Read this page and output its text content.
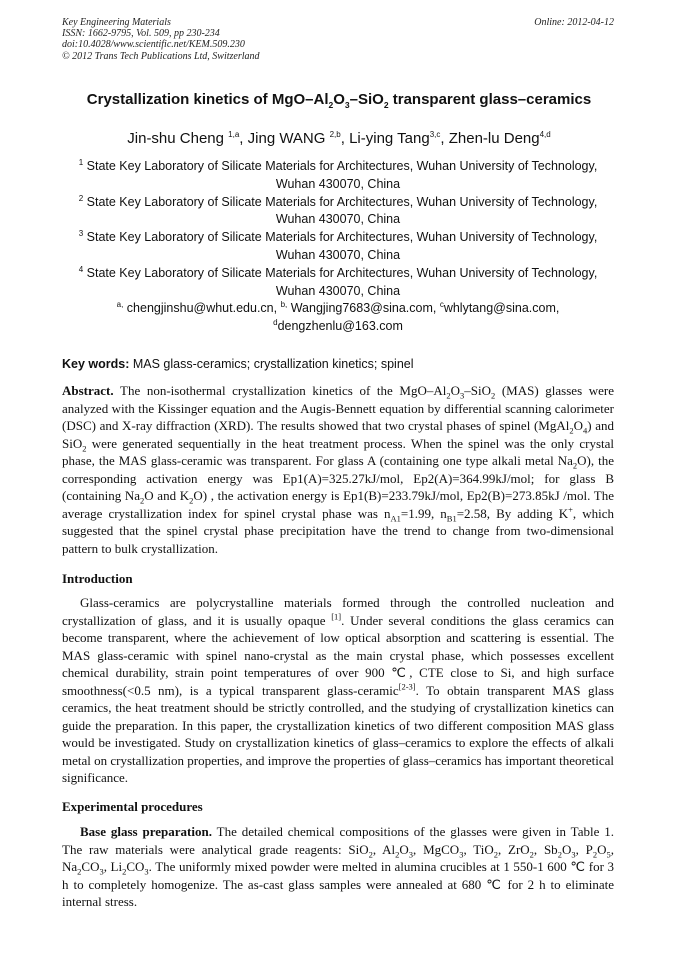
Key Engineering Materials
ISSN: 1662-9795, Vol. 509, pp 230-234
doi:10.4028/www.scientific.net/KEM.509.230
© 2012 Trans Tech Publications Ltd, Switzerland
Online: 2012-04-12
Crystallization kinetics of MgO–$Al_2O_3-SiO_2$ transparent glass–ceramics
Jin-shu Cheng $^{1,a}$, Jing WANG $^{2,b}$, Li-ying Tang$^{3,c}$, Zhen-lu Deng$^{4,d}$
$^1$ State Key Laboratory of Silicate Materials for Architectures, Wuhan University of Technology,
Wuhan 430070, China
$^2$ State Key Laboratory of Silicate Materials for Architectures, Wuhan University of Technology,
Wuhan 430070, China
$^3$ State Key Laboratory of Silicate Materials for Architectures, Wuhan University of Technology,
Wuhan 430070, China
$^4$ State Key Laboratory of Silicate Materials for Architectures, Wuhan University of Technology,
Wuhan 430070, China
$^{a,}$ chengjinshu@whut.edu.cn, $^{b,}$ Wangjing7683@sina.com, $^c$whlytang@sina.com,
$^d$dengzhenlu@163.com
Key words: MAS glass-ceramics; crystallization kinetics; spinel
Abstract. The non-isothermal crystallization kinetics of the MgO–$Al_2O_3-SiO_2$ (MAS) glasses were analyzed with the Kissinger equation and the Augis-Bennett equation by differential scanning calorimeter (DSC) and X-ray diffraction (XRD). The results showed that two crystal phases of spinel $(MgAl_2O_4)$ and SiO$_2$ were generated sequentially in the heat treatment process. When the spinel was the only crystal phase, the MAS glass-ceramic was transparent. For glass A (containing one type alkali metal $Na_2O$), the corresponding activation energy was Ep1(A)=325.27kJ/mol, Ep2(A)=364.99kJ/mol; for glass B (containing $Na_2O$ and $K_2O$) , the activation energy is Ep1(B)=233.79kJ/mol, Ep2(B)=273.85kJ /mol. The average crystallization index for spinel crystal phase was $n_{A1}=1.99$, $n_{B1}=2.58$, By adding K+, which suggested that the spinel crystal phase precipitation have the trend to change from two-dimensional pattern to bulk crystallization.
Introduction
Glass-ceramics are polycrystalline materials formed through the controlled nucleation and crystallization of glass, and it is usually opaque [1]. Under several conditions the glass ceramics can become transparent, where the achievement of low optical absorption and scattering is essential. The MAS glass-ceramic with spinel nano-crystal as the main crystal phase, which possesses excellent chemical durability, strain point temperatures of over 900 ℃, CTE close to Si, and high surface smoothness(<0.5 nm), is a typical transparent glass-ceramic[2-3]. To obtain transparent MAS glass ceramics, the heat treatment should be strictly controlled, and the studying of crystallization kinetics can guide the preparation. In this paper, the crystallization kinetics of two different composition MAS glass would be investigated. Study on crystallization kinetics of glass–ceramics to explore the effects of alkali metal on crystallization properties, and improve the properties of glass–ceramics has important theoretical significance.
Experimental procedures
Base glass preparation. The detailed chemical compositions of the glasses were given in Table 1. The raw materials were analytical grade reagents: SiO$_2$, $Al_2O_3$, MgCO$_3$, TiO$_2$, ZrO$_2$, $Sb_2O_3$, $P_2O_5$, $Na_2CO_3$, $Li_2CO_3$. The uniformly mixed powder were melted in alumina crucibles at 1 550-1 600 ℃ for 3 h to completely homogenize. The as-cast glass samples were annealed at 680 ℃ for 2 h to eliminate internal stress.
